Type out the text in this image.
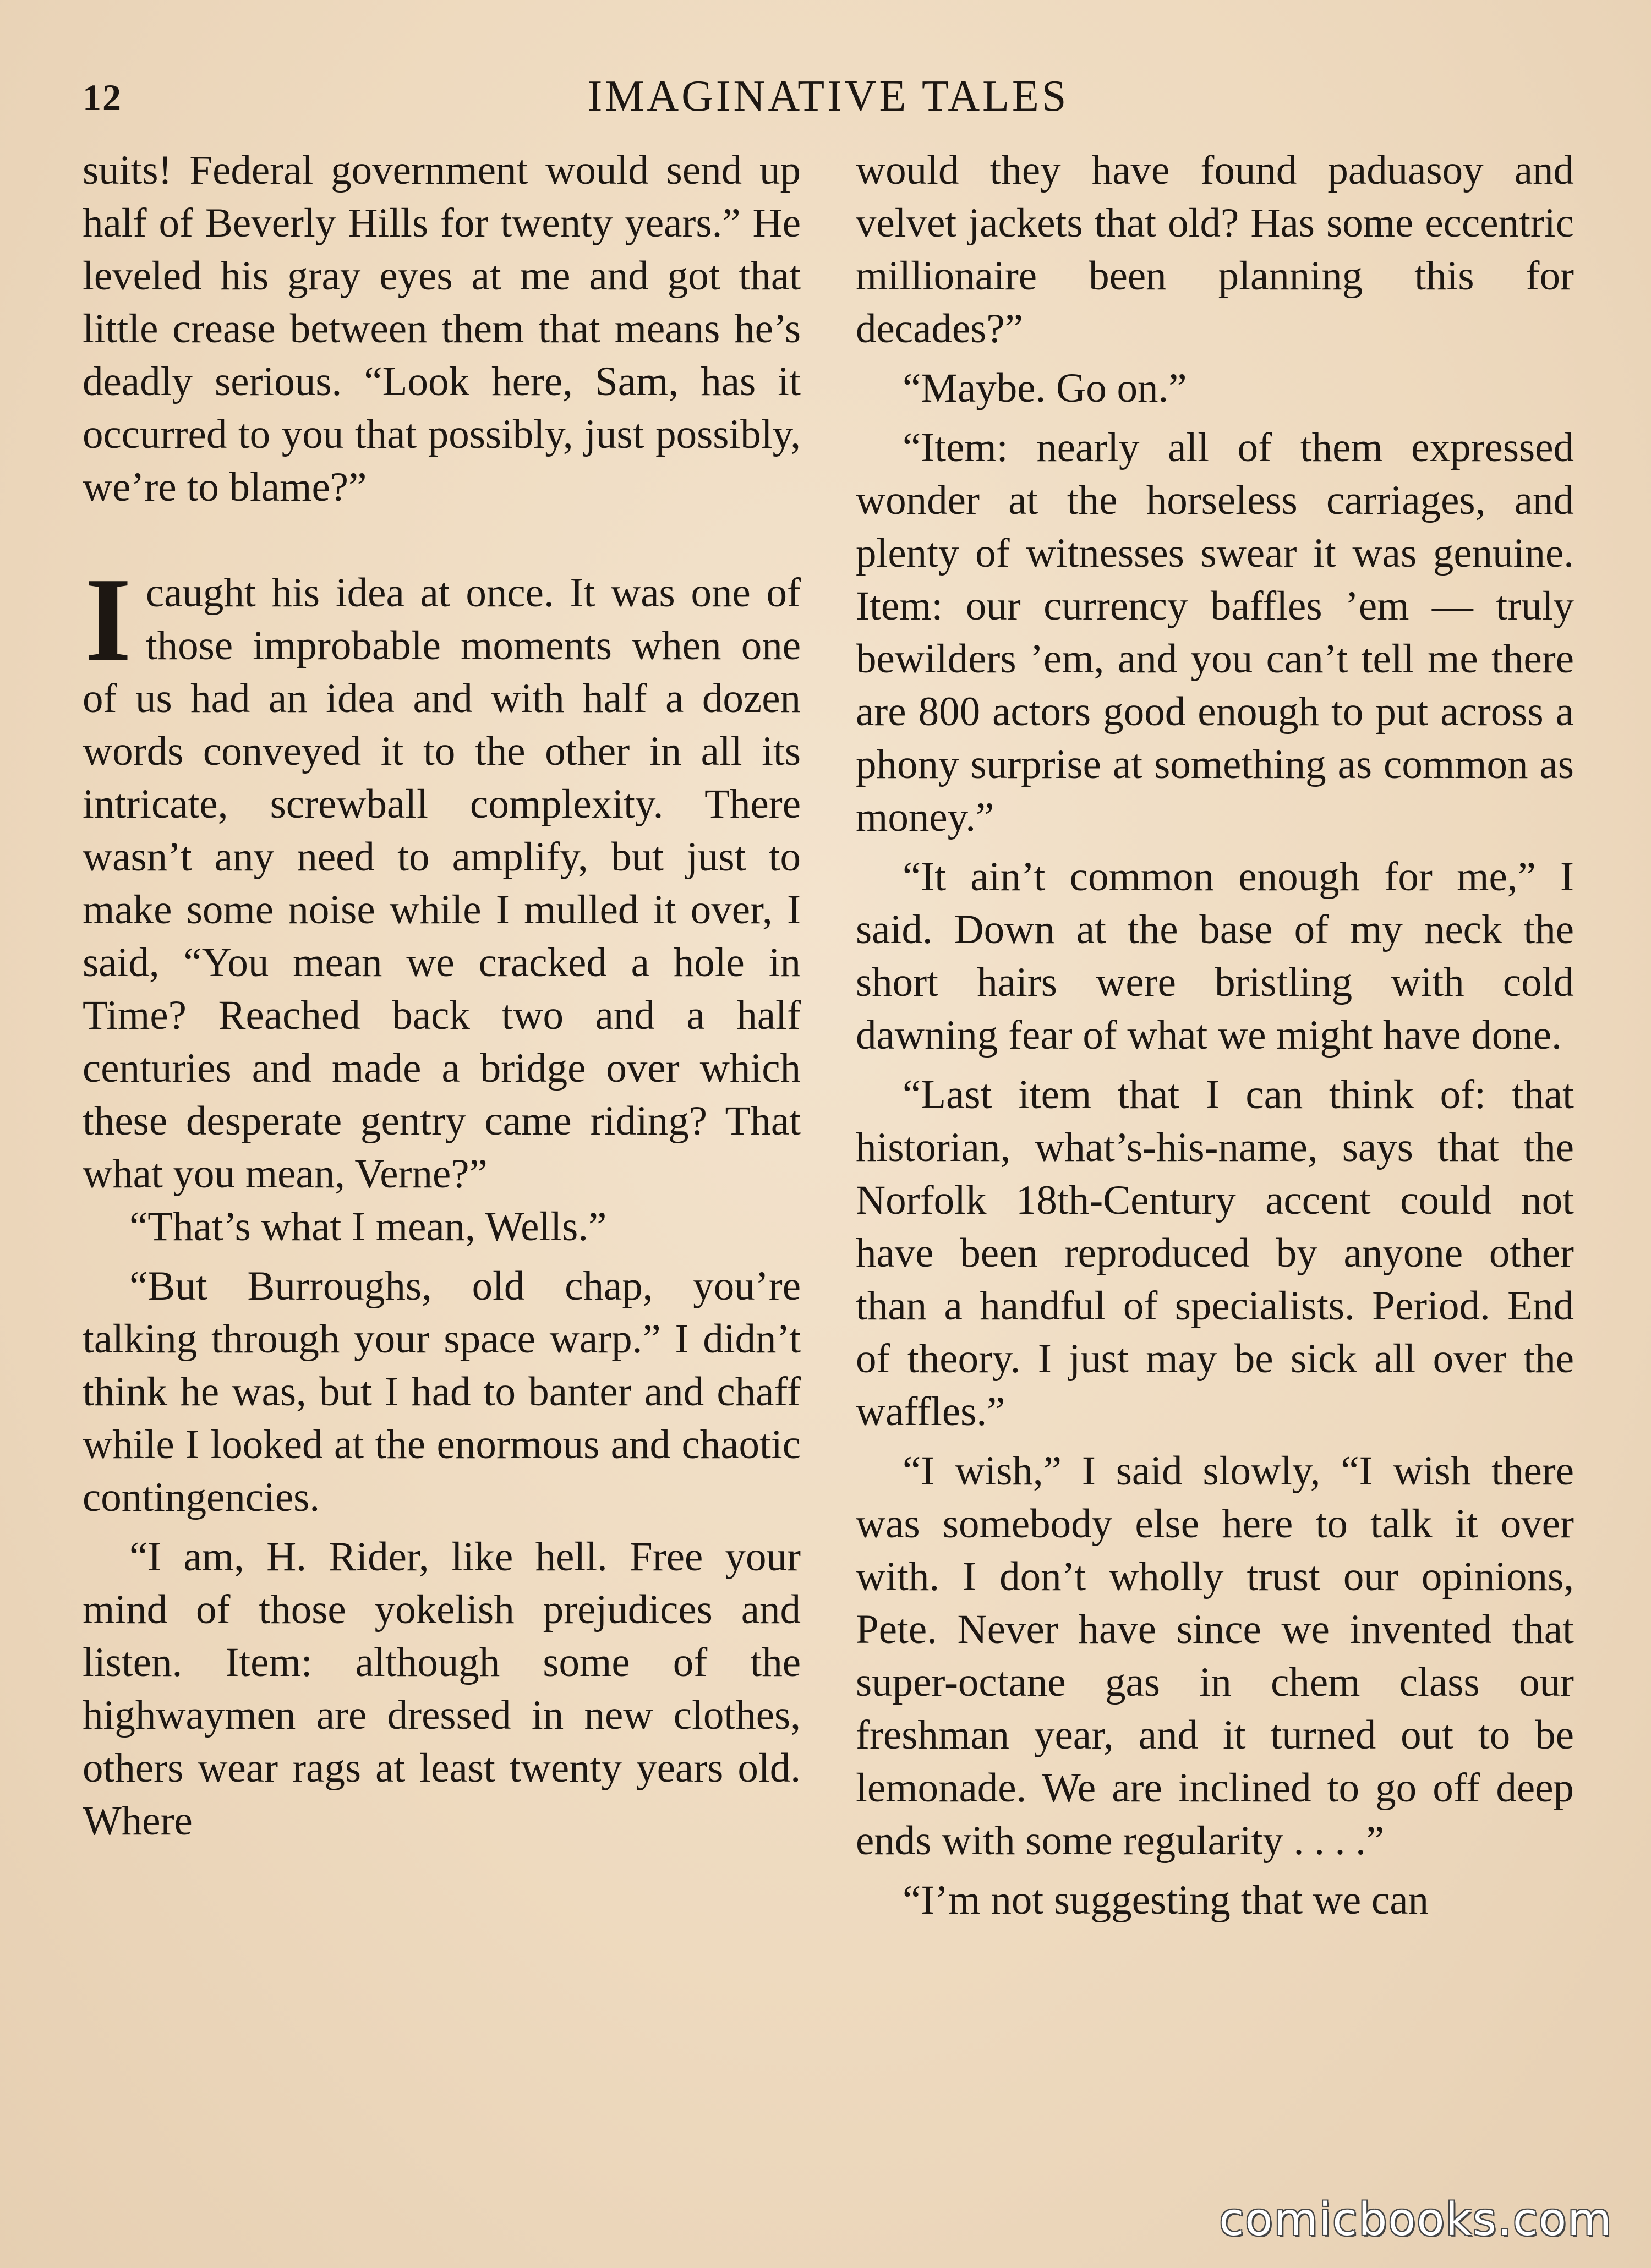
12	IMAGINATIVE TALES

suits! Federal government would send up half of Beverly Hills for twenty years.” He leveled his gray eyes at me and got that little crease between them that means he’s deadly serious. “Look here, Sam, has it occurred to you that possibly, just possibly, we’re to blame?”

Icaught his idea at once. It was one of those improbable moments when one of us had an idea and with half a dozen words conveyed it to the other in all its intricate, screwball complexity. There wasn’t any need to amplify, but just to make some noise while I mulled it over, I said, “You mean we cracked a hole in Time? Reached back two and a half centuries and made a bridge over which these desperate gentry came riding? That what you mean, Verne?”

“That’s what I mean, Wells.”

“But Burroughs, old chap, you’re talking through your space warp.” I didn’t think he was, but I had to banter and chaff while I looked at the enormous and chaotic contingencies.

“I am, H. Rider, like hell. Free your mind of those yokelish prejudices and listen. Item: although some of the highwaymen are dressed in new clothes, others wear rags at least twenty years old. Where

would they have found paduasoy and velvet jackets that old? Has some eccentric millionaire been planning this for decades?”

“Maybe. Go on.”

“Item: nearly all of them expressed wonder at the horseless carriages, and plenty of witnesses swear it was genuine. Item: our currency baffles ’em — truly bewilders ’em, and you can’t tell me there are 800 actors good enough to put across a phony surprise at something as common as money.”

“It ain’t common enough for me,” I said. Down at the base of my neck the short hairs were bristling with cold dawning fear of what we might have done.

“Last item that I can think of: that historian, what’s-his-name, says that the Norfolk 18th-Century accent could not have been reproduced by anyone other than a handful of specialists. Period. End of theory. I just may be sick all over the waffles.”

“I wish,” I said slowly, “I wish there was somebody else here to talk it over with. I don’t wholly trust our opinions, Pete. Never have since we invented that super-octane gas in chem class our freshman year, and it turned out to be lemonade. We are inclined to go off deep ends with some regularity . . . .”

“I’m not suggesting that we can

comicbooks.com
